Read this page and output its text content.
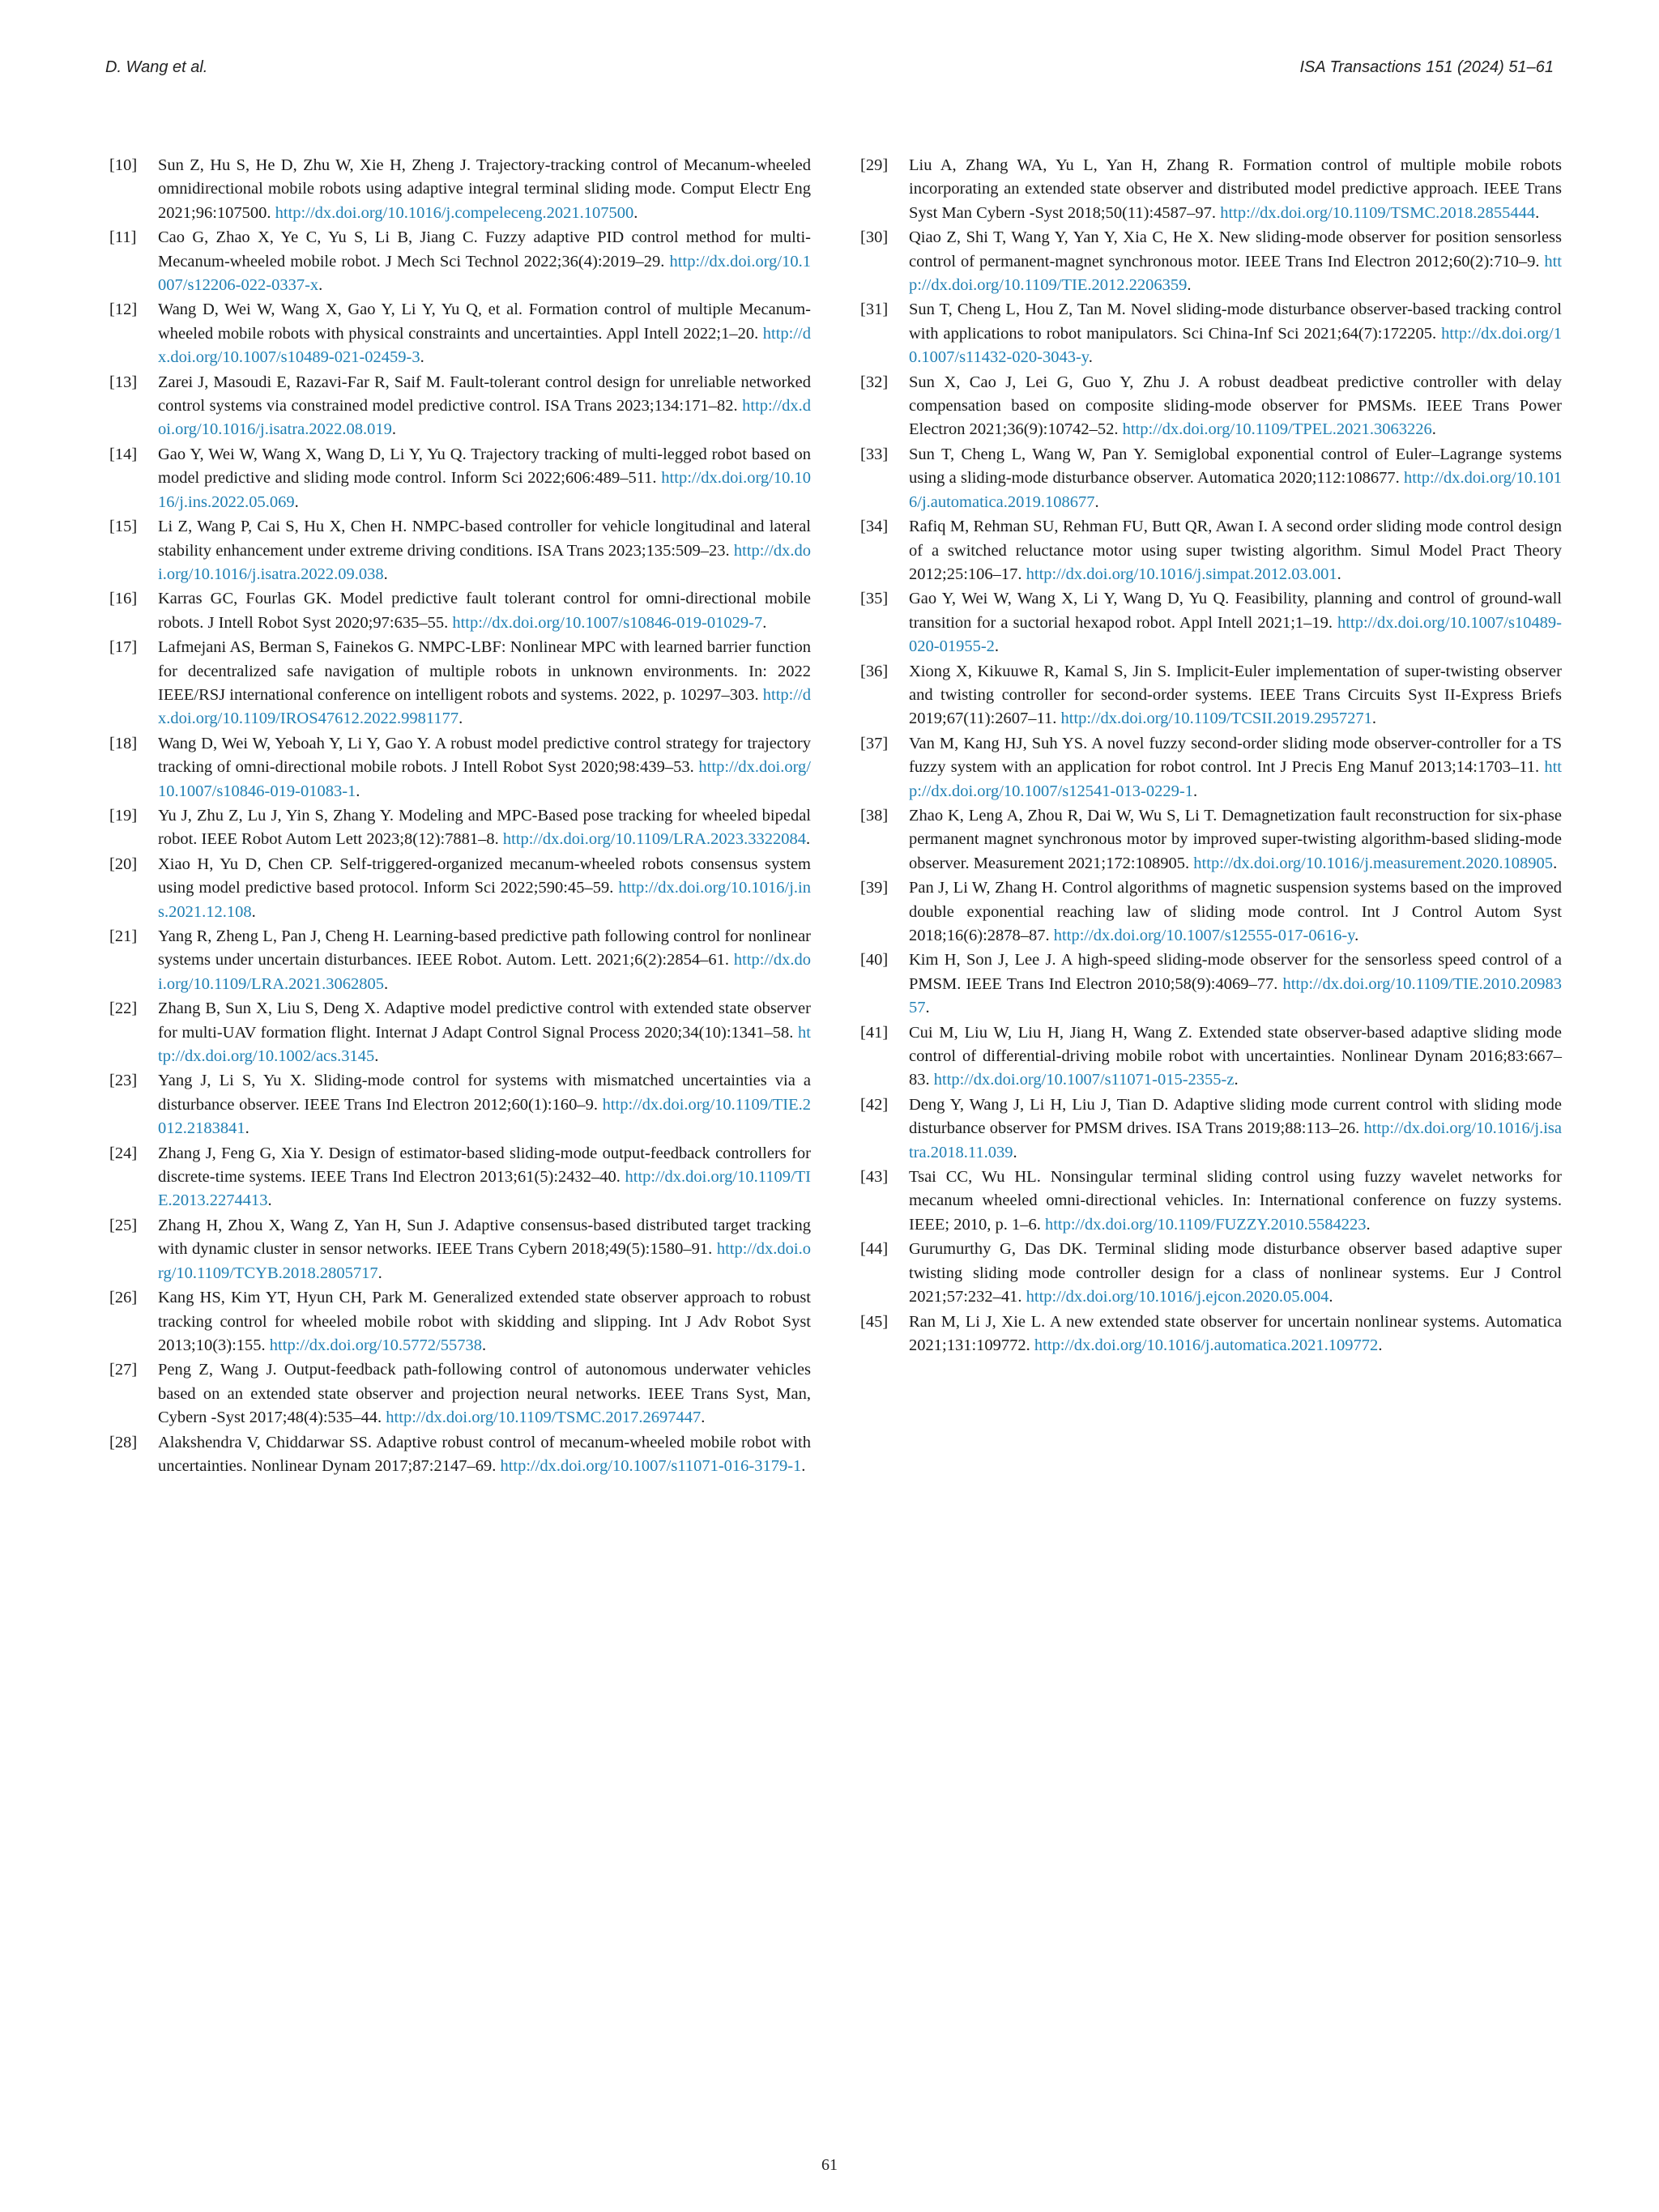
D. Wang et al.	ISA Transactions 151 (2024) 51–61
[10] Sun Z, Hu S, He D, Zhu W, Xie H, Zheng J. Trajectory-tracking control of Mecanum-wheeled omnidirectional mobile robots using adaptive integral terminal sliding mode. Comput Electr Eng 2021;96:107500. http://dx.doi.org/10.1016/j.compeleceng.2021.107500.
[11] Cao G, Zhao X, Ye C, Yu S, Li B, Jiang C. Fuzzy adaptive PID control method for multi-Mecanum-wheeled mobile robot. J Mech Sci Technol 2022;36(4):2019–29. http://dx.doi.org/10.1007/s12206-022-0337-x.
[12] Wang D, Wei W, Wang X, Gao Y, Li Y, Yu Q, et al. Formation control of multiple Mecanum-wheeled mobile robots with physical constraints and uncertainties. Appl Intell 2022;1–20. http://dx.doi.org/10.1007/s10489-021-02459-3.
[13] Zarei J, Masoudi E, Razavi-Far R, Saif M. Fault-tolerant control design for unreliable networked control systems via constrained model predictive control. ISA Trans 2023;134:171–82. http://dx.doi.org/10.1016/j.isatra.2022.08.019.
[14] Gao Y, Wei W, Wang X, Wang D, Li Y, Yu Q. Trajectory tracking of multi-legged robot based on model predictive and sliding mode control. Inform Sci 2022;606:489–511. http://dx.doi.org/10.1016/j.ins.2022.05.069.
[15] Li Z, Wang P, Cai S, Hu X, Chen H. NMPC-based controller for vehicle longitudinal and lateral stability enhancement under extreme driving conditions. ISA Trans 2023;135:509–23. http://dx.doi.org/10.1016/j.isatra.2022.09.038.
[16] Karras GC, Fourlas GK. Model predictive fault tolerant control for omni-directional mobile robots. J Intell Robot Syst 2020;97:635–55. http://dx.doi.org/10.1007/s10846-019-01029-7.
[17] Lafmejani AS, Berman S, Fainekos G. NMPC-LBF: Nonlinear MPC with learned barrier function for decentralized safe navigation of multiple robots in unknown environments. In: 2022 IEEE/RSJ international conference on intelligent robots and systems. 2022, p. 10297–303. http://dx.doi.org/10.1109/IROS47612.2022.9981177.
[18] Wang D, Wei W, Yeboah Y, Li Y, Gao Y. A robust model predictive control strategy for trajectory tracking of omni-directional mobile robots. J Intell Robot Syst 2020;98:439–53. http://dx.doi.org/10.1007/s10846-019-01083-1.
[19] Yu J, Zhu Z, Lu J, Yin S, Zhang Y. Modeling and MPC-Based pose tracking for wheeled bipedal robot. IEEE Robot Autom Lett 2023;8(12):7881–8. http://dx.doi.org/10.1109/LRA.2023.3322084.
[20] Xiao H, Yu D, Chen CP. Self-triggered-organized mecanum-wheeled robots consensus system using model predictive based protocol. Inform Sci 2022;590:45–59. http://dx.doi.org/10.1016/j.ins.2021.12.108.
[21] Yang R, Zheng L, Pan J, Cheng H. Learning-based predictive path following control for nonlinear systems under uncertain disturbances. IEEE Robot. Autom. Lett. 2021;6(2):2854–61. http://dx.doi.org/10.1109/LRA.2021.3062805.
[22] Zhang B, Sun X, Liu S, Deng X. Adaptive model predictive control with extended state observer for multi-UAV formation flight. Internat J Adapt Control Signal Process 2020;34(10):1341–58. http://dx.doi.org/10.1002/acs.3145.
[23] Yang J, Li S, Yu X. Sliding-mode control for systems with mismatched uncertainties via a disturbance observer. IEEE Trans Ind Electron 2012;60(1):160–9. http://dx.doi.org/10.1109/TIE.2012.2183841.
[24] Zhang J, Feng G, Xia Y. Design of estimator-based sliding-mode output-feedback controllers for discrete-time systems. IEEE Trans Ind Electron 2013;61(5):2432–40. http://dx.doi.org/10.1109/TIE.2013.2274413.
[25] Zhang H, Zhou X, Wang Z, Yan H, Sun J. Adaptive consensus-based distributed target tracking with dynamic cluster in sensor networks. IEEE Trans Cybern 2018;49(5):1580–91. http://dx.doi.org/10.1109/TCYB.2018.2805717.
[26] Kang HS, Kim YT, Hyun CH, Park M. Generalized extended state observer approach to robust tracking control for wheeled mobile robot with skidding and slipping. Int J Adv Robot Syst 2013;10(3):155. http://dx.doi.org/10.5772/55738.
[27] Peng Z, Wang J. Output-feedback path-following control of autonomous underwater vehicles based on an extended state observer and projection neural networks. IEEE Trans Syst, Man, Cybern -Syst 2017;48(4):535–44. http://dx.doi.org/10.1109/TSMC.2017.2697447.
[28] Alakshendra V, Chiddarwar SS. Adaptive robust control of mecanum-wheeled mobile robot with uncertainties. Nonlinear Dynam 2017;87:2147–69. http://dx.doi.org/10.1007/s11071-016-3179-1.
[29] Liu A, Zhang WA, Yu L, Yan H, Zhang R. Formation control of multiple mobile robots incorporating an extended state observer and distributed model predictive approach. IEEE Trans Syst Man Cybern -Syst 2018;50(11):4587–97. http://dx.doi.org/10.1109/TSMC.2018.2855444.
[30] Qiao Z, Shi T, Wang Y, Yan Y, Xia C, He X. New sliding-mode observer for position sensorless control of permanent-magnet synchronous motor. IEEE Trans Ind Electron 2012;60(2):710–9. http://dx.doi.org/10.1109/TIE.2012.2206359.
[31] Sun T, Cheng L, Hou Z, Tan M. Novel sliding-mode disturbance observer-based tracking control with applications to robot manipulators. Sci China-Inf Sci 2021;64(7):172205. http://dx.doi.org/10.1007/s11432-020-3043-y.
[32] Sun X, Cao J, Lei G, Guo Y, Zhu J. A robust deadbeat predictive controller with delay compensation based on composite sliding-mode observer for PMSMs. IEEE Trans Power Electron 2021;36(9):10742–52. http://dx.doi.org/10.1109/TPEL.2021.3063226.
[33] Sun T, Cheng L, Wang W, Pan Y. Semiglobal exponential control of Euler–Lagrange systems using a sliding-mode disturbance observer. Automatica 2020;112:108677. http://dx.doi.org/10.1016/j.automatica.2019.108677.
[34] Rafiq M, Rehman SU, Rehman FU, Butt QR, Awan I. A second order sliding mode control design of a switched reluctance motor using super twisting algorithm. Simul Model Pract Theory 2012;25:106–17. http://dx.doi.org/10.1016/j.simpat.2012.03.001.
[35] Gao Y, Wei W, Wang X, Li Y, Wang D, Yu Q. Feasibility, planning and control of ground-wall transition for a suctorial hexapod robot. Appl Intell 2021;1–19. http://dx.doi.org/10.1007/s10489-020-01955-2.
[36] Xiong X, Kikuuwe R, Kamal S, Jin S. Implicit-Euler implementation of super-twisting observer and twisting controller for second-order systems. IEEE Trans Circuits Syst II-Express Briefs 2019;67(11):2607–11. http://dx.doi.org/10.1109/TCSII.2019.2957271.
[37] Van M, Kang HJ, Suh YS. A novel fuzzy second-order sliding mode observer-controller for a TS fuzzy system with an application for robot control. Int J Precis Eng Manuf 2013;14:1703–11. http://dx.doi.org/10.1007/s12541-013-0229-1.
[38] Zhao K, Leng A, Zhou R, Dai W, Wu S, Li T. Demagnetization fault reconstruction for six-phase permanent magnet synchronous motor by improved super-twisting algorithm-based sliding-mode observer. Measurement 2021;172:108905. http://dx.doi.org/10.1016/j.measurement.2020.108905.
[39] Pan J, Li W, Zhang H. Control algorithms of magnetic suspension systems based on the improved double exponential reaching law of sliding mode control. Int J Control Autom Syst 2018;16(6):2878–87. http://dx.doi.org/10.1007/s12555-017-0616-y.
[40] Kim H, Son J, Lee J. A high-speed sliding-mode observer for the sensorless speed control of a PMSM. IEEE Trans Ind Electron 2010;58(9):4069–77. http://dx.doi.org/10.1109/TIE.2010.2098357.
[41] Cui M, Liu W, Liu H, Jiang H, Wang Z. Extended state observer-based adaptive sliding mode control of differential-driving mobile robot with uncertainties. Nonlinear Dynam 2016;83:667–83. http://dx.doi.org/10.1007/s11071-015-2355-z.
[42] Deng Y, Wang J, Li H, Liu J, Tian D. Adaptive sliding mode current control with sliding mode disturbance observer for PMSM drives. ISA Trans 2019;88:113–26. http://dx.doi.org/10.1016/j.isatra.2018.11.039.
[43] Tsai CC, Wu HL. Nonsingular terminal sliding control using fuzzy wavelet networks for mecanum wheeled omni-directional vehicles. In: International conference on fuzzy systems. IEEE; 2010, p. 1–6. http://dx.doi.org/10.1109/FUZZY.2010.5584223.
[44] Gurumurthy G, Das DK. Terminal sliding mode disturbance observer based adaptive super twisting sliding mode controller design for a class of nonlinear systems. Eur J Control 2021;57:232–41. http://dx.doi.org/10.1016/j.ejcon.2020.05.004.
[45] Ran M, Li J, Xie L. A new extended state observer for uncertain nonlinear systems. Automatica 2021;131:109772. http://dx.doi.org/10.1016/j.automatica.2021.109772.
61
